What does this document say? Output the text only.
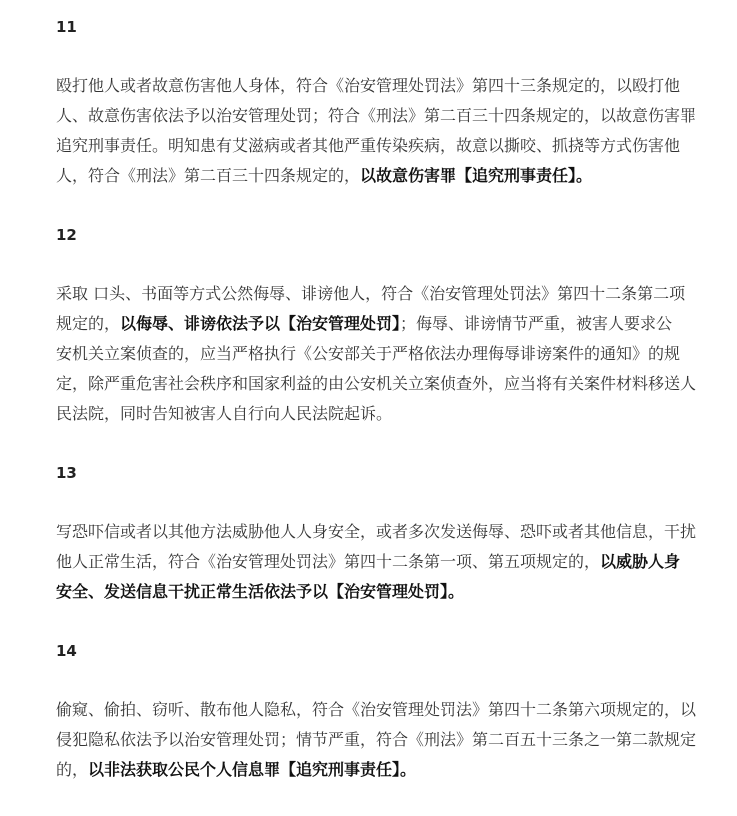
11
殴打他人或者故意伤害他人身体，符合《治安管理处罚法》第四十三条规定的，以殴打他
人、故意伤害依法予以治安管理处罚；符合《刑法》第二百三十四条规定的，以故意伤害罪
追究刑事责任。明知患有艾滋病或者其他严重传染疾病，故意以撕咬、抓挠等方式伤害他
人，符合《刑法》第二百三十四条规定的，以故意伤害罪【追究刑事责任】。
12
采取 口头、书面等方式公然侮辱、诽谤他人，符合《治安管理处罚法》第四十二条第二项
规定的，以侮辱、诽谤依法予以【治安管理处罚】；侮辱、诽谤情节严重，被害人要求公
安机关立案侦查的，应当严格执行《公安部关于严格依法办理侮辱诽谤案件的通知》的规
定，除严重危害社会秩序和国家利益的由公安机关立案侦查外，应当将有关案件材料移送人
民法院，同时告知被害人自行向人民法院起诉。
13
写恐吓信或者以其他方法威胁他人人身安全，或者多次发送侮辱、恐吓或者其他信息，干扰
他人正常生活，符合《治安管理处罚法》第四十二条第一项、第五项规定的，以威胁人身
安全、发送信息干扰正常生活依法予以【治安管理处罚】。
14
偷窥、偷拍、窃听、散布他人隐私，符合《治安管理处罚法》第四十二条第六项规定的，以
侵犯隐私依法予以治安管理处罚；情节严重，符合《刑法》第二百五十三条之一第二款规定
的，以非法获取公民个人信息罪【追究刑事责任】。
